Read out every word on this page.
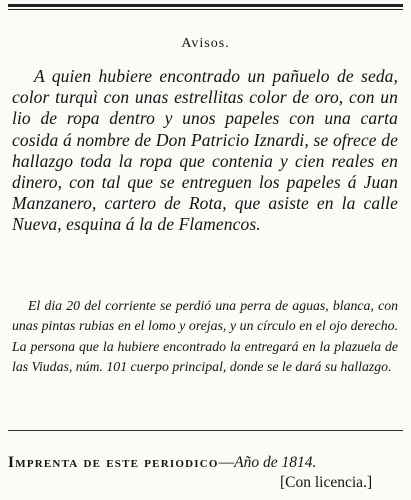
Avisos.

A quien hubiere encontrado un pañuelo de seda, color turquì con unas estrellitas color de oro, con un lio de ropa dentro y unos papeles con una carta cosida á nombre de Don Patricio Iznardi, se ofrece de hallazgo toda la ropa que contenia y cien reales en dinero, con tal que se entreguen los papeles á Juan Manzanero, cartero de Rota, que asiste en la calle Nueva, esquina á la de Flamencos.

El dia 20 del corriente se perdió una perra de aguas, blanca, con unas pintas rubias en el lomo y orejas, y un círculo en el ojo derecho. La persona que la hubiere encontrado la entregará en la plazuela de las Viudas, núm. 101 cuerpo principal, donde se le dará su hallazgo.

Imprenta de este periodico—Año de 1814.
[Con licencia.]
